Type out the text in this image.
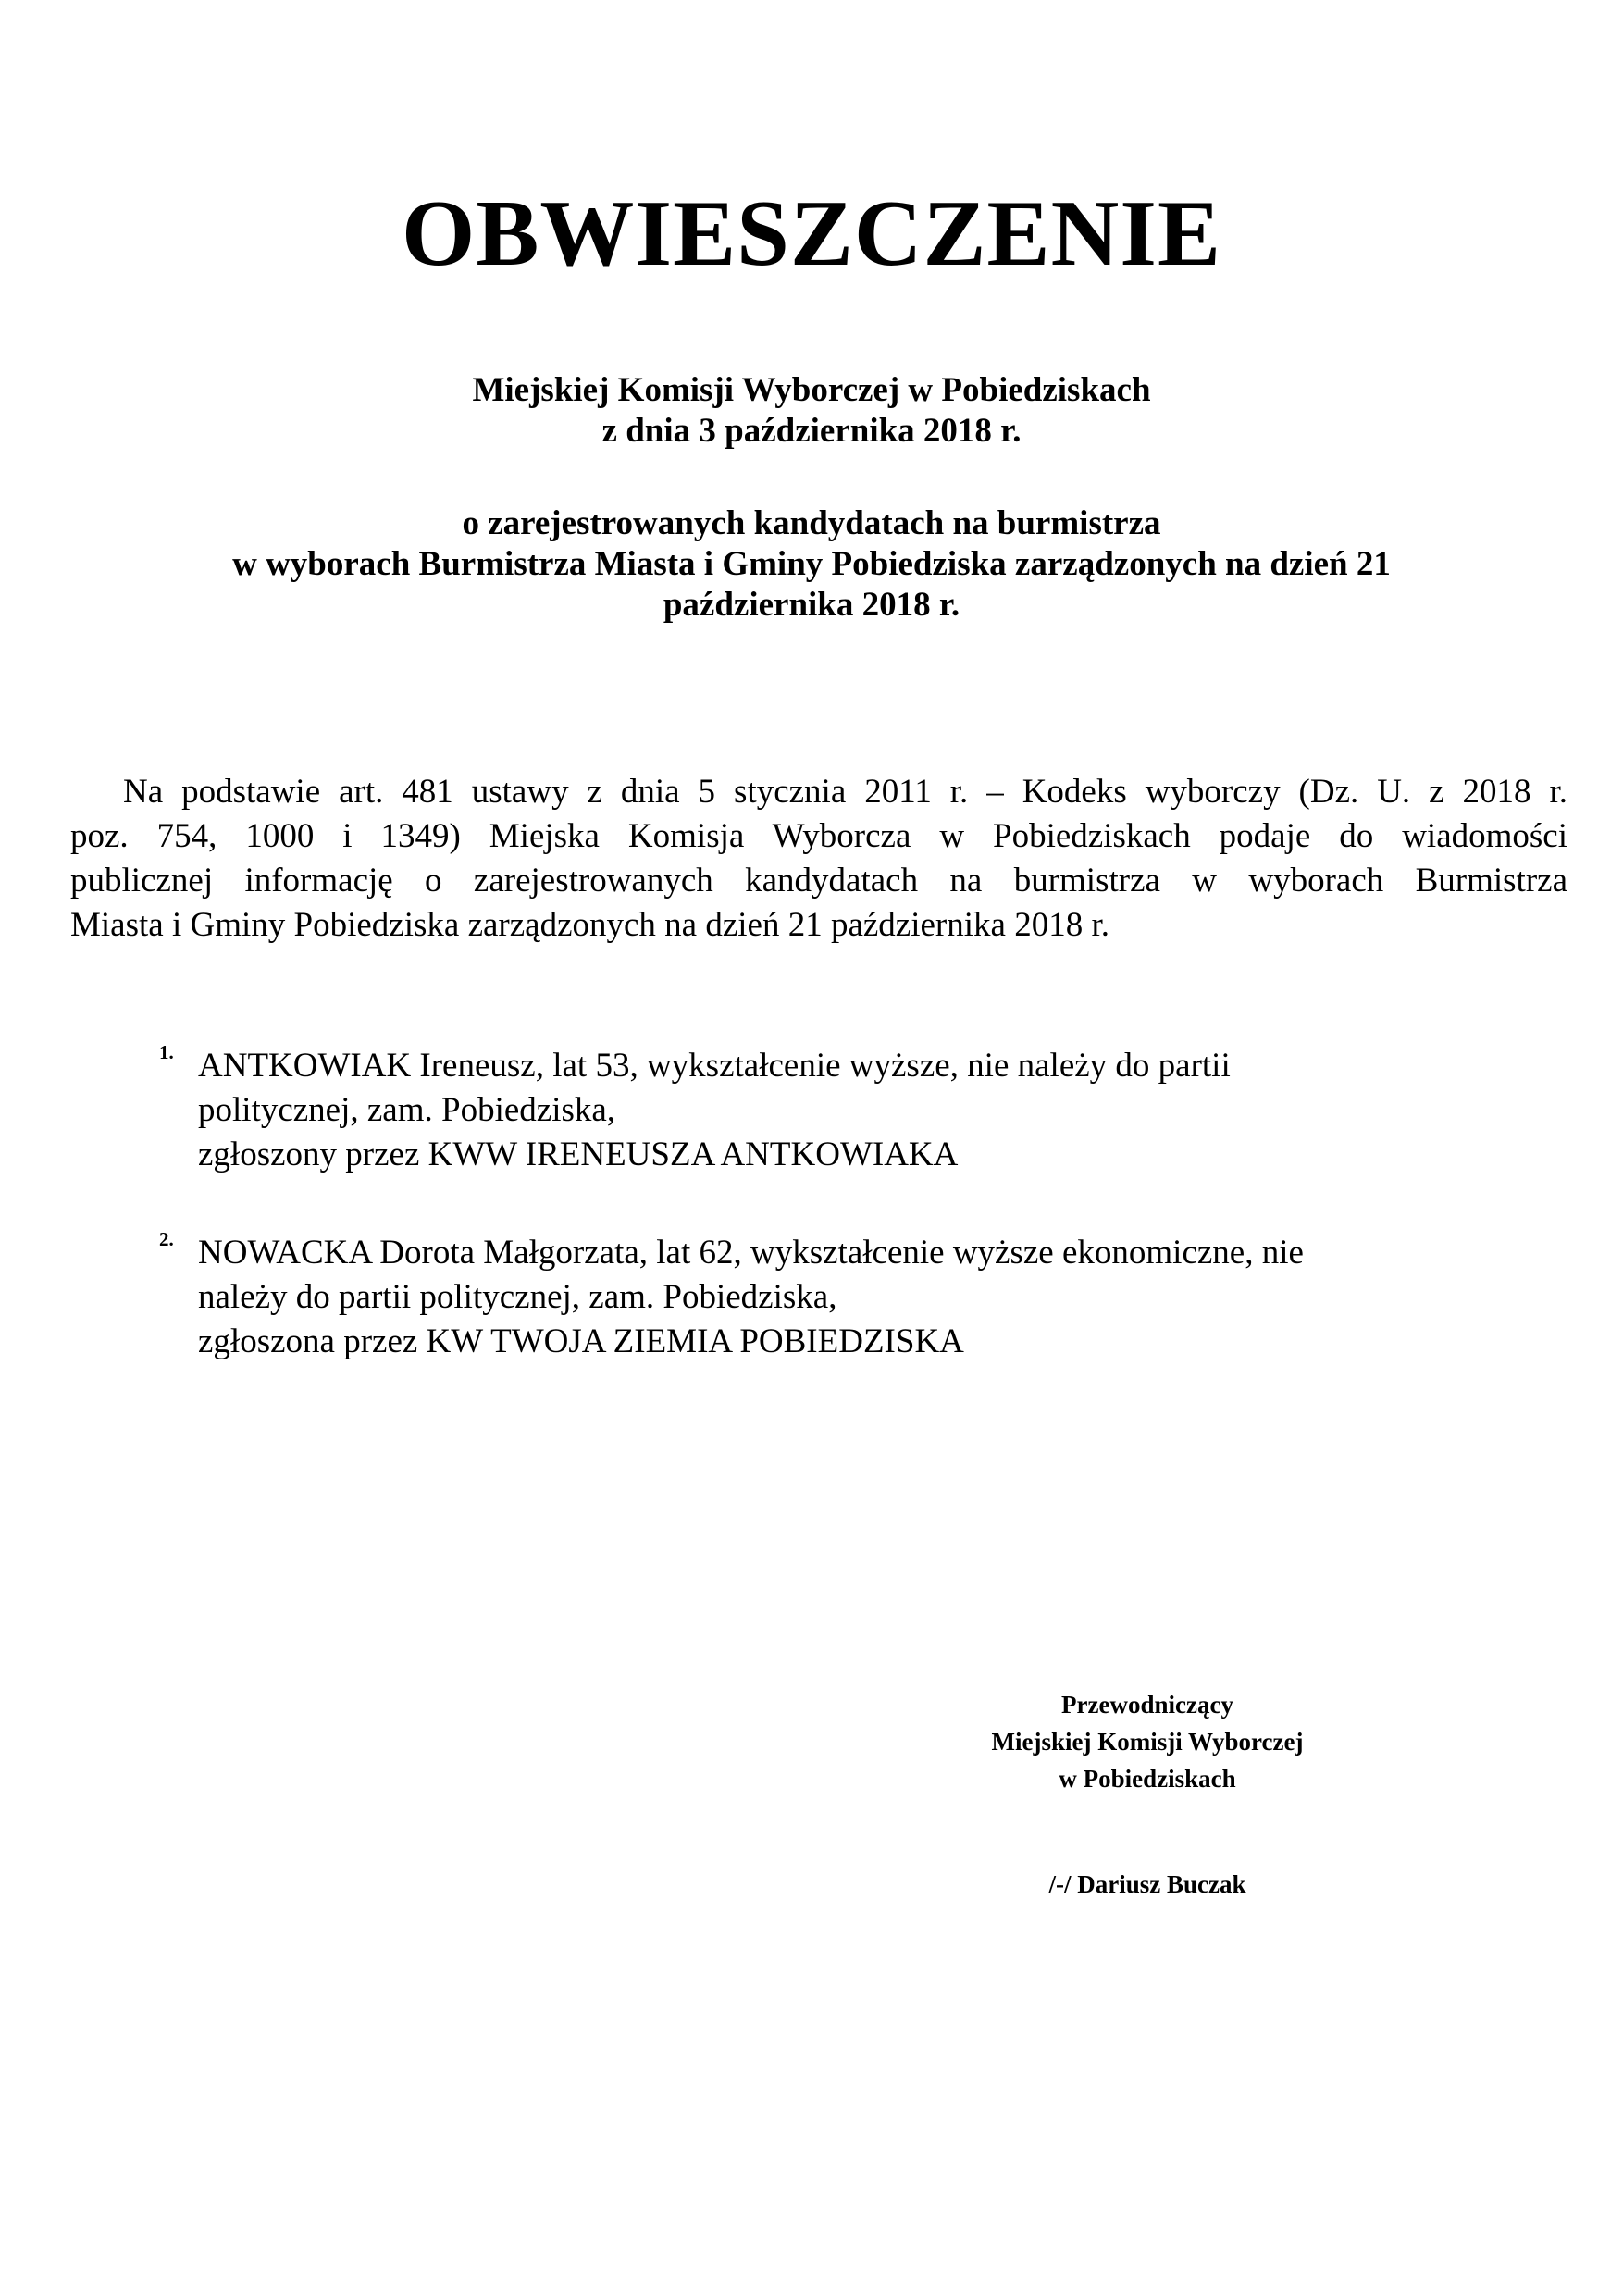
OBWIESZCZENIE
Miejskiej Komisji Wyborczej w Pobiedziskach
z dnia 3 października 2018 r.
o zarejestrowanych kandydatach na burmistrza
w wyborach Burmistrza Miasta i Gminy Pobiedziska zarządzonych na dzień 21
października 2018 r.
Na podstawie art. 481 ustawy z dnia 5 stycznia 2011 r. – Kodeks wyborczy (Dz. U. z 2018 r.
poz. 754, 1000 i 1349) Miejska Komisja Wyborcza w Pobiedziskach podaje do wiadomości
publicznej informację o zarejestrowanych kandydatach na burmistrza w wyborach Burmistrza
Miasta i Gminy Pobiedziska zarządzonych na dzień 21 października 2018 r.
1. ANTKOWIAK Ireneusz, lat 53, wykształcenie wyższe, nie należy do partii
politycznej, zam. Pobiedziska,
zgłoszony przez KWW IRENEUSZA ANTKOWIAKA
2. NOWACKA Dorota Małgorzata, lat 62, wykształcenie wyższe ekonomiczne, nie
należy do partii politycznej, zam. Pobiedziska,
zgłoszona przez KW TWOJA ZIEMIA POBIEDZISKA
Przewodniczący
Miejskiej Komisji Wyborczej
w Pobiedziskach
/-/ Dariusz Buczak
